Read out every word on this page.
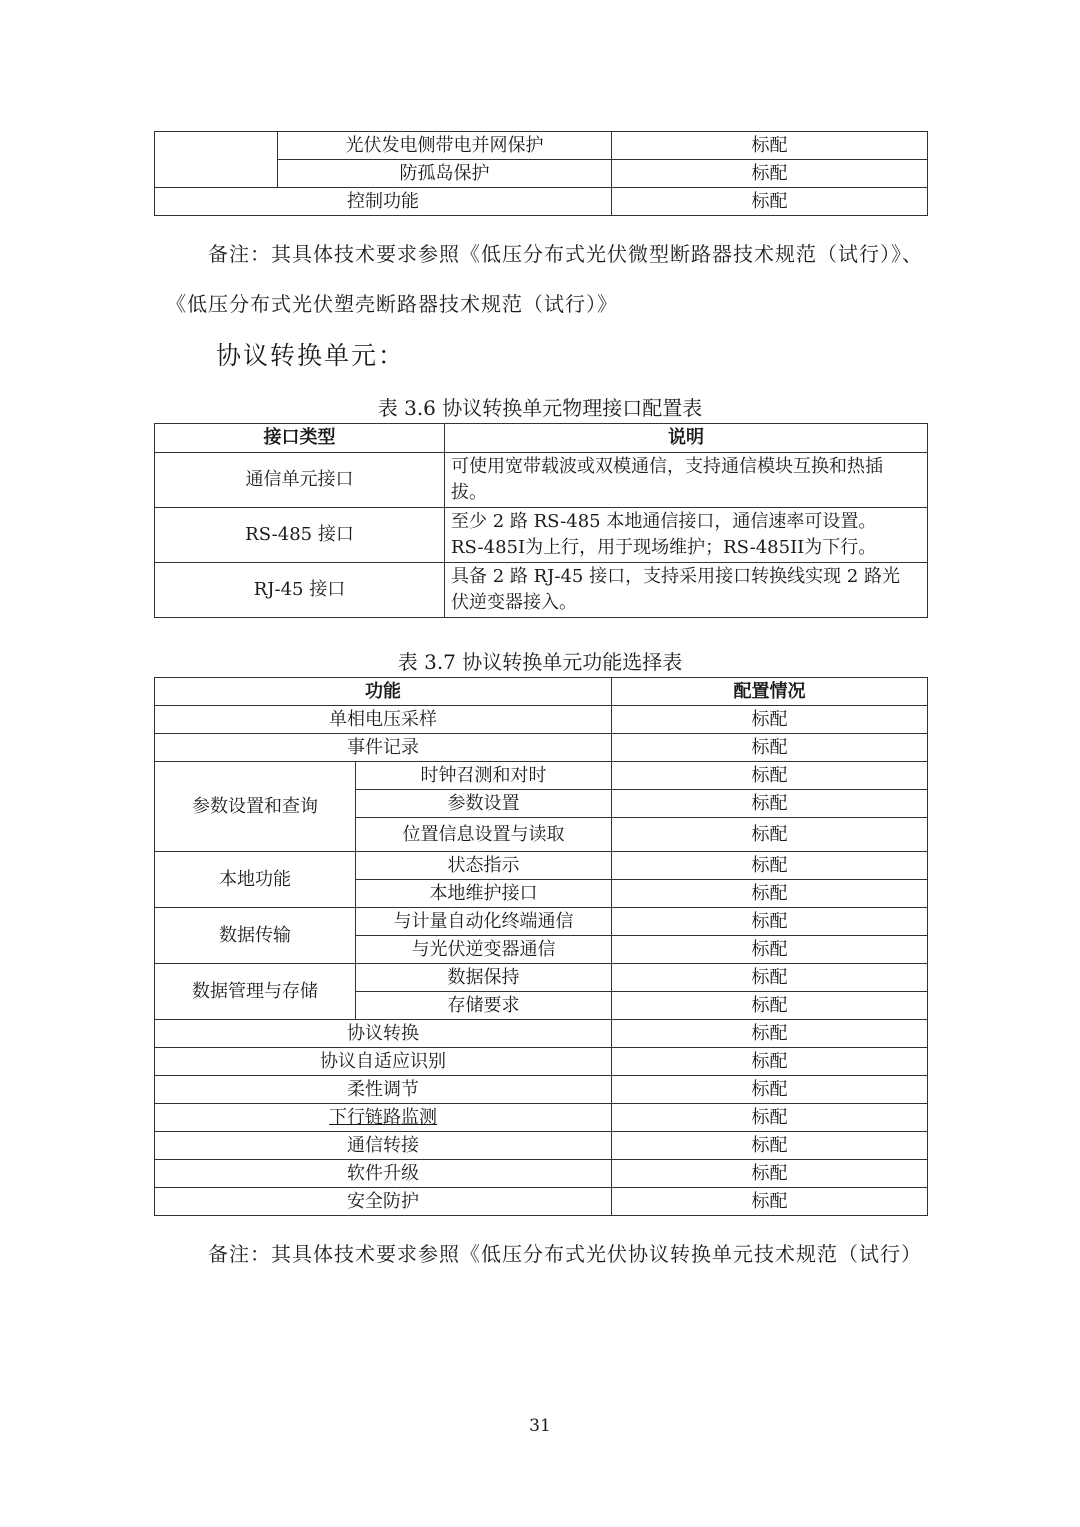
	光伏发电侧带电并网保护	标配
	防孤岛保护	标配
控制功能		标配
备注：其具体技术要求参照《低压分布式光伏微型断路器技术规范（试行）》、
《低压分布式光伏塑壳断路器技术规范（试行）》
协议转换单元：
表 3.6 协议转换单元物理接口配置表
接口类型	说明
通信单元接口	可使用宽带载波或双模通信，支持通信模块互换和热插
拔。
RS-485 接口	至少 2 路 RS-485 本地通信接口，通信速率可设置。
RS-485I为上行，用于现场维护；RS-485II为下行。
RJ-45 接口	具备 2 路 RJ-45 接口，支持采用接口转换线实现 2 路光
伏逆变器接入。
表 3.7 协议转换单元功能选择表
功能		配置情况
单相电压采样		标配
事件记录		标配
参数设置和查询	时钟召测和对时	标配
	参数设置	标配
	位置信息设置与读取	标配
本地功能	状态指示	标配
	本地维护接口	标配
数据传输	与计量自动化终端通信	标配
	与光伏逆变器通信	标配
数据管理与存储	数据保持	标配
	存储要求	标配
协议转换		标配
协议自适应识别		标配
柔性调节		标配
下行链路监测		标配
通信转接		标配
软件升级		标配
安全防护		标配
备注：其具体技术要求参照《低压分布式光伏协议转换单元技术规范（试行）
31
